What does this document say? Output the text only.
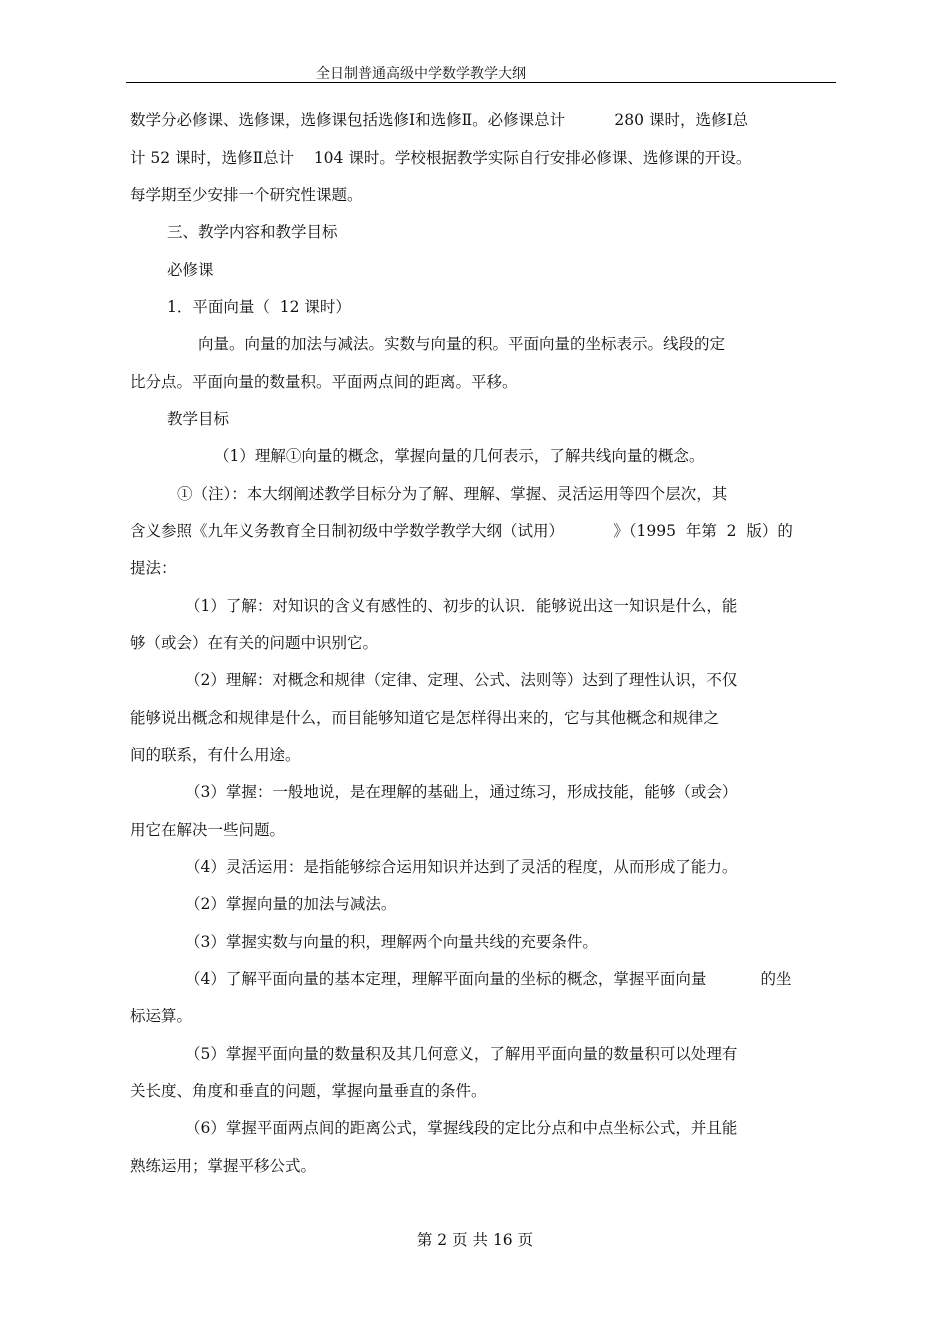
全日制普通高级中学数学教学大纲
数学分必修课、选修课，选修课包括选修Ⅰ和选修Ⅱ。必修课总计          280 课时，选修Ⅰ总
计 52 课时，选修Ⅱ总计    104 课时。学校根据教学实际自行安排必修课、选修课的开设。
每学期至少安排一个研究性课题。
三、教学内容和教学目标
必修课
1．平面向量（  12 课时）
向量。向量的加法与减法。实数与向量的积。平面向量的坐标表示。线段的定
比分点。平面向量的数量积。平面两点间的距离。平移。
教学目标
（1）理解①向量的概念，掌握向量的几何表示，了解共线向量的概念。
①（注）：本大纲阐述教学目标分为了解、理解、掌握、灵活运用等四个层次，其
含义参照《九年义务教育全日制初级中学数学教学大纲（试用）          》（1995  年第  2  版）的
提法：
（1）了解：对知识的含义有感性的、初步的认识．能够说出这一知识是什么，能
够（或会）在有关的问题中识别它。
（2）理解：对概念和规律（定律、定理、公式、法则等）达到了理性认识，不仅
能够说出概念和规律是什么，而目能够知道它是怎样得出来的，它与其他概念和规律之
间的联系，有什么用途。
（3）掌握：一般地说，是在理解的基础上，通过练习，形成技能，能够（或会）
用它在解决一些问题。
（4）灵活运用：是指能够综合运用知识并达到了灵活的程度，从而形成了能力。
（2）掌握向量的加法与减法。
（3）掌握实数与向量的积，理解两个向量共线的充要条件。
（4）了解平面向量的基本定理，理解平面向量的坐标的概念，掌握平面向量           的坐
标运算。
（5）掌握平面向量的数量积及其几何意义，了解用平面向量的数量积可以处理有
关长度、角度和垂直的问题，掌握向量垂直的条件。
（6）掌握平面两点间的距离公式，掌握线段的定比分点和中点坐标公式，并且能
熟练运用；掌握平移公式。
第 2 页 共 16 页
